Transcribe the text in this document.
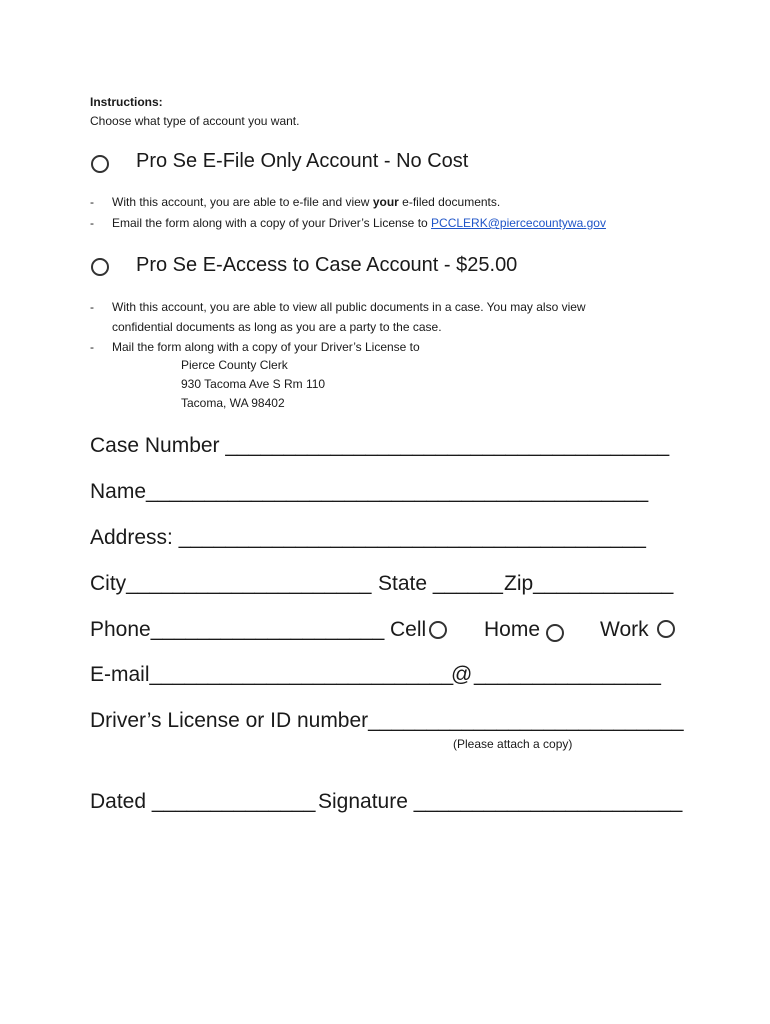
Instructions:
Choose what type of account you want.
Pro Se E-File Only Account - No Cost
- With this account, you are able to e-file and view your e-filed documents.
- Email the form along with a copy of your Driver’s License to PCCLERK@piercecountywa.gov
Pro Se E-Access to Case Account - $25.00
- With this account, you are able to view all public documents in a case. You may also view
confidential documents as long as you are a party to the case.
- Mail the form along with a copy of your Driver’s License to
Pierce County Clerk
930 Tacoma Ave S Rm 110
Tacoma, WA 98402
Case Number ______________________________________
Name___________________________________________
Address: ________________________________________
City_____________________ State ______ Zip____________
Phone____________________ Cell	Home	Work
E-mail__________________________
@ ________________
Driver’s License or ID number___________________________
(Please attach a copy)
Dated ______________ Signature _______________________
